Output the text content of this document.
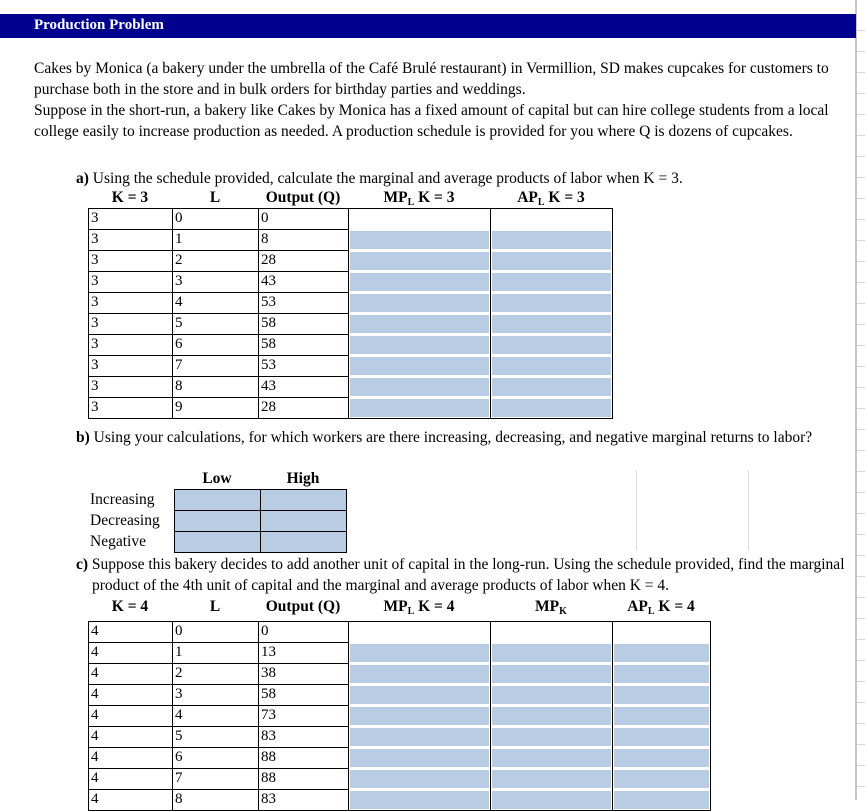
Production Problem

Cakes by Monica (a bakery under the umbrella of the Café Brulé restaurant) in Vermillion, SD makes cupcakes for customers to

purchase both in the store and in bulk orders for birthday parties and weddings.

Suppose in the short-run, a bakery like Cakes by Monica has a fixed amount of capital but can hire college students from a local

college easily to increase production as needed. A production schedule is provided for you where Q is dozens of cupcakes.

a) Using the schedule provided, calculate the marginal and average products of labor when K = 3.
K = 3	L	Output (Q)	$MP_L$ K = 3	$AP_L$ K = 3
3	0	0
3	1	8
3	2	28
3	3	43
3	4	53
3	5	58
3	6	58
3	7	53
3	8	43
3	9	28
b) Using your calculations, for which workers are there increasing, decreasing, and negative marginal returns to labor?
Low	High
Increasing
Decreasing
Negative
c) Suppose this bakery decides to add another unit of capital in the long-run. Using the schedule provided, find the marginal
product of the 4th unit of capital and the marginal and average products of labor when K = 4.
K = 4	L	Output (Q)	$MP_L$ K = 4	$MP_K$	$AP_L$ K = 4
4	0	0
4	1	13
4	2	38
4	3	58
4	4	73
4	5	83
4	6	88
4	7	88
4	8	83
